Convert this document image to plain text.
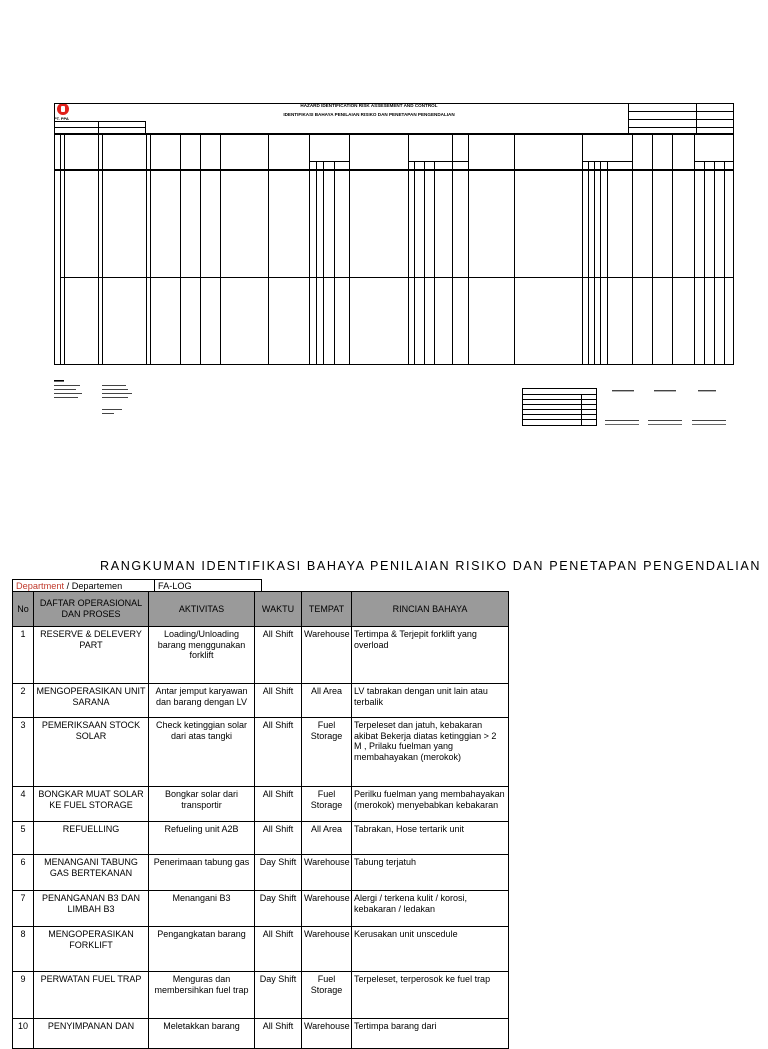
PT. PPA
HAZARD IDENTIFICATION RISK ASSESEMENT AND CONTROL
IDENTIFIKASI BAHAYA PENILAIAN RISIKO DAN PENETAPAN PENGENDALIAN
RANGKUMAN IDENTIFIKASI BAHAYA PENILAIAN RISIKO DAN PENETAPAN PENGENDALIAN
Department / Departemen	FA-LOG
No	DAFTAR OPERASIONAL DAN PROSES	AKTIVITAS	WAKTU	TEMPAT	RINCIAN BAHAYA
1	RESERVE & DELEVERY PART	Loading/Unloading barang menggunakan forklift	All Shift	Warehouse	Tertimpa & Terjepit forklift yang overload
2	MENGOPERASIKAN UNIT SARANA	Antar jemput karyawan dan barang dengan LV	All Shift	All Area	LV tabrakan dengan unit lain atau terbalik
3	PEMERIKSAAN STOCK SOLAR	Check ketinggian solar dari atas tangki	All Shift	Fuel Storage	Terpeleset dan jatuh, kebakaran akibat Bekerja diatas ketinggian > 2 M , Prilaku fuelman yang membahayakan (merokok)
4	BONGKAR MUAT SOLAR KE FUEL STORAGE	Bongkar solar dari transportir	All Shift	Fuel Storage	Perilku fuelman yang membahayakan (merokok) menyebabkan kebakaran
5	REFUELLING	Refueling unit A2B	All Shift	All Area	Tabrakan, Hose tertarik unit
6	MENANGANI TABUNG GAS BERTEKANAN	Penerimaan tabung gas	Day Shift	Warehouse	Tabung terjatuh
7	PENANGANAN B3 DAN LIMBAH B3	Menangani B3	Day Shift	Warehouse	Alergi / terkena kulit / korosi, kebakaran / ledakan
8	MENGOPERASIKAN FORKLIFT	Pengangkatan barang	All Shift	Warehouse	Kerusakan unit unscedule
9	PERWATAN FUEL TRAP	Menguras dan membersihkan fuel trap	Day Shift	Fuel Storage	Terpeleset, terperosok ke fuel trap
10	PENYIMPANAN DAN	Meletakkan barang	All Shift	Warehouse	Tertimpa barang dari
